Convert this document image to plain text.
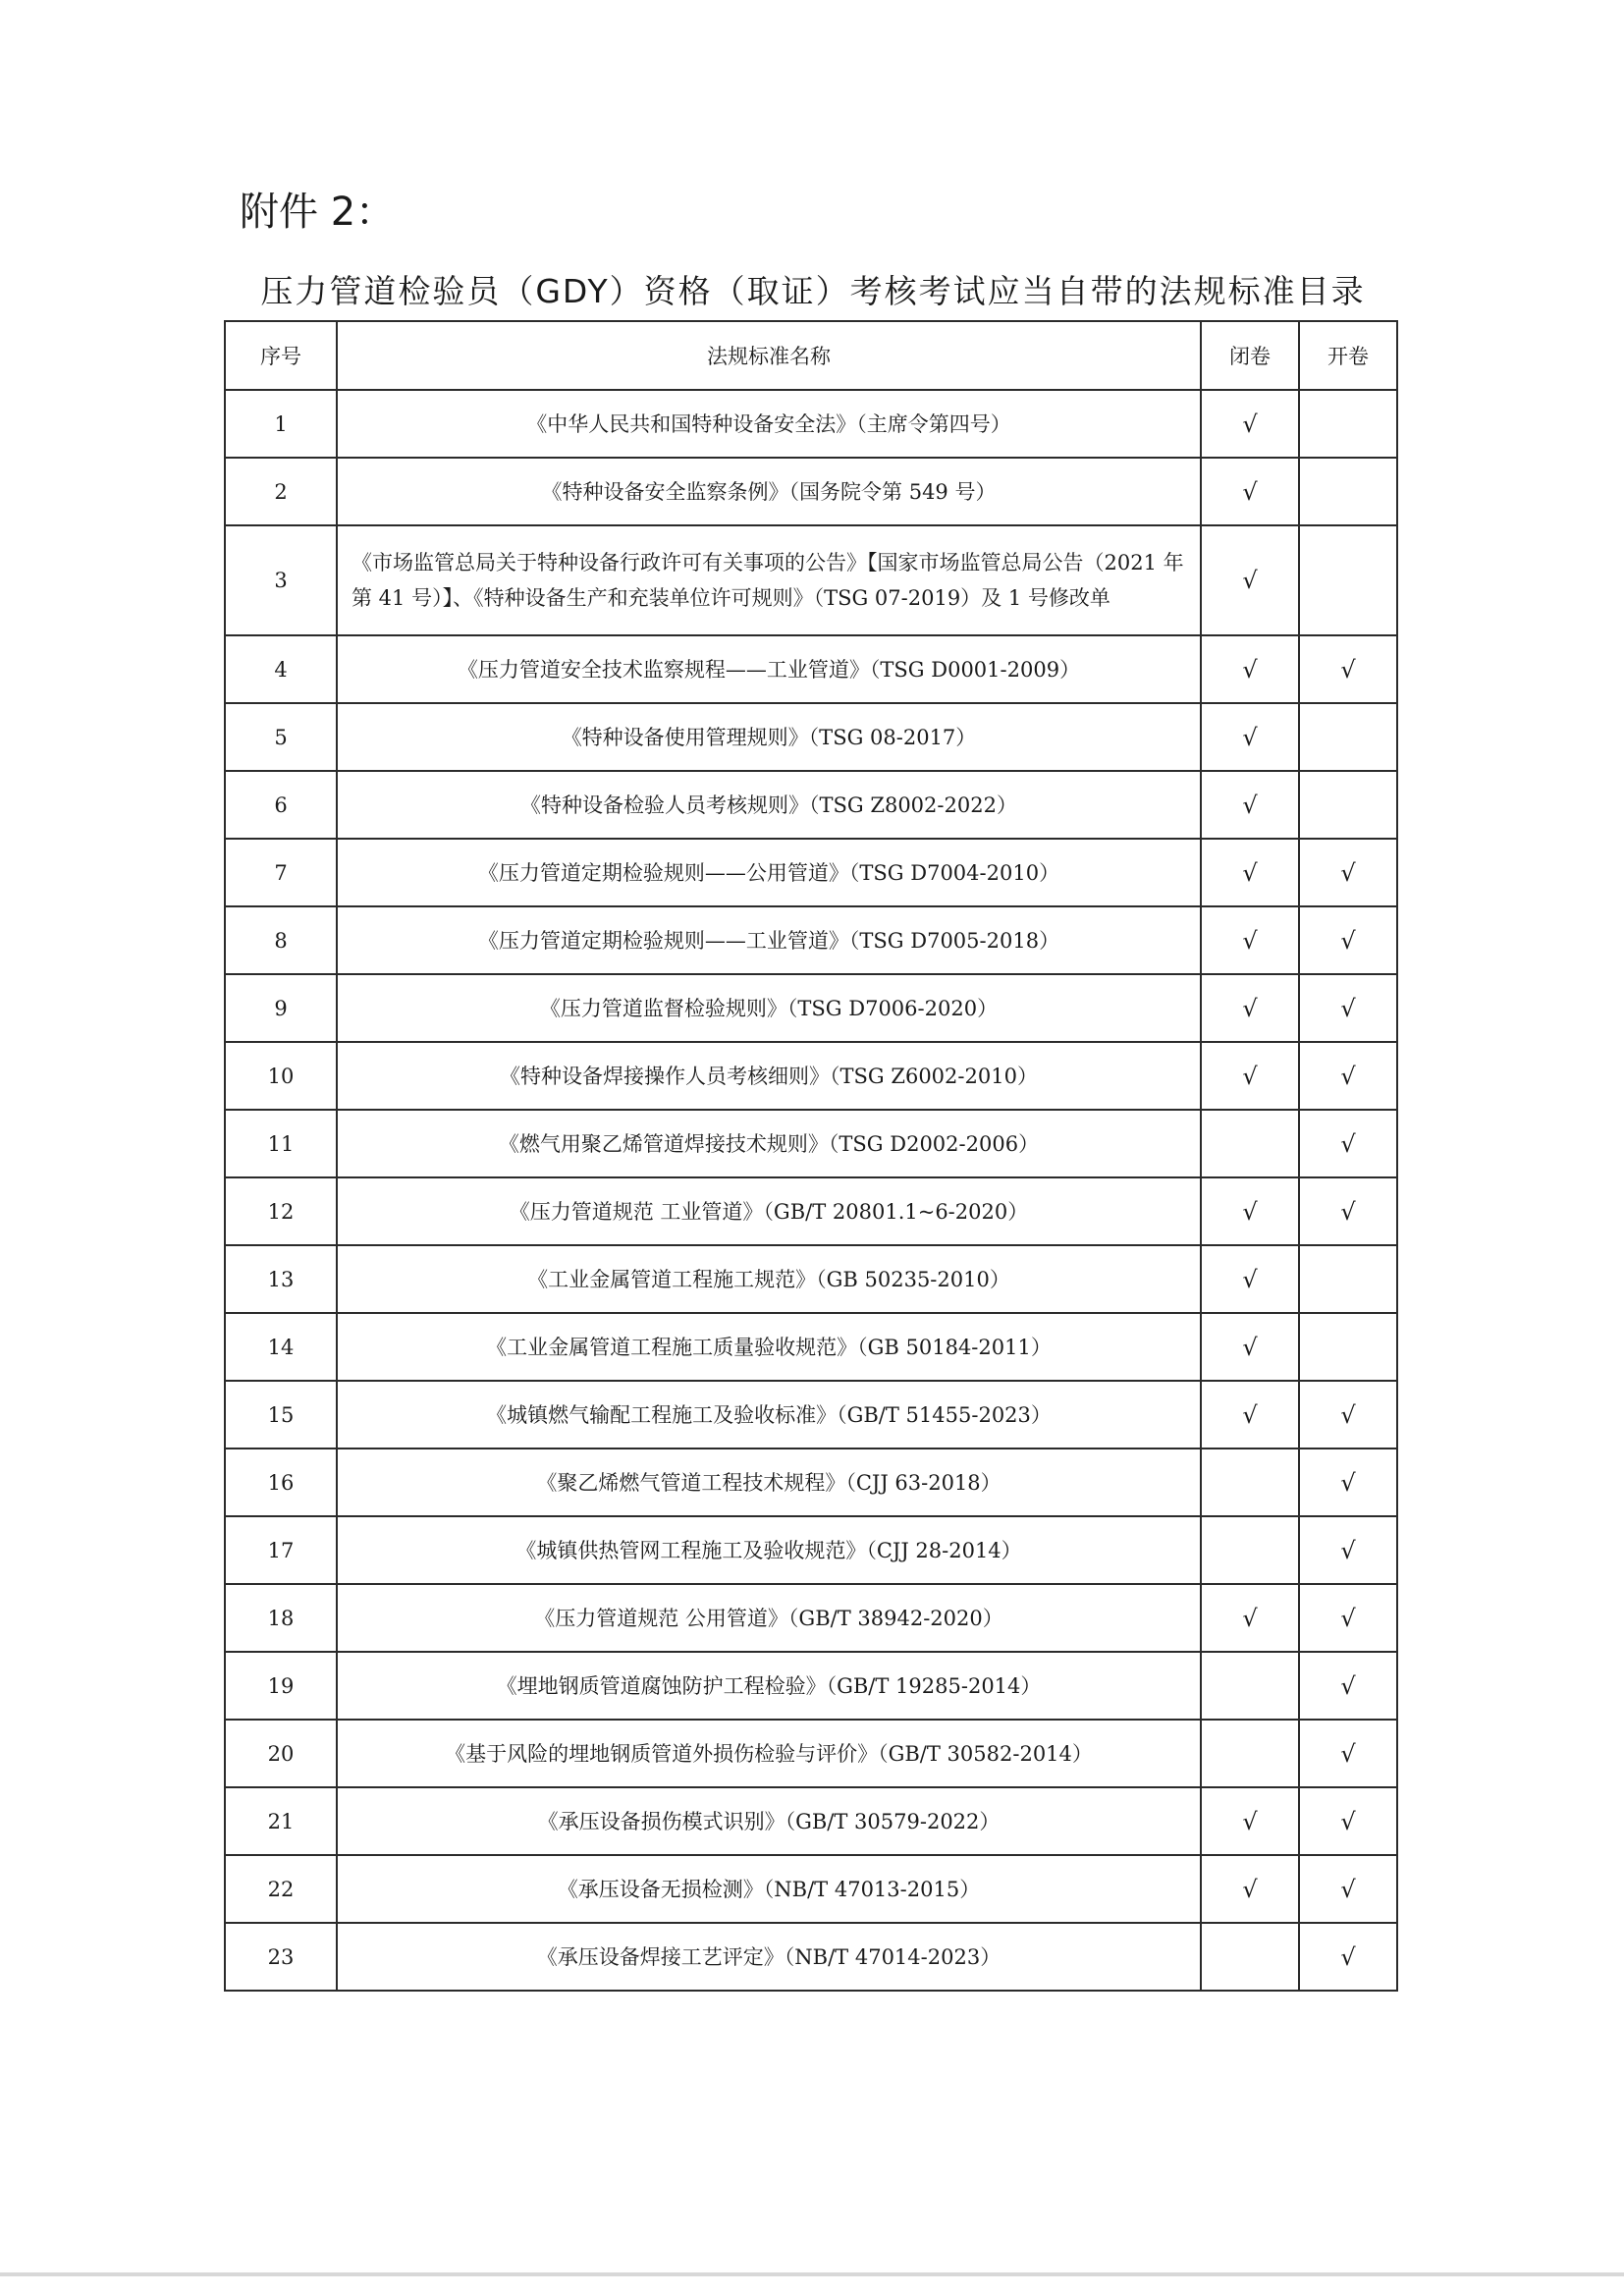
附件 2：
压力管道检验员（GDY）资格（取证）考核考试应当自带的法规标准目录
序号	法规标准名称	闭卷	开卷
1	《中华人民共和国特种设备安全法》（主席令第四号）	√	
2	《特种设备安全监察条例》（国务院令第 549 号）	√	
3	《市场监管总局关于特种设备行政许可有关事项的公告》【国家市场监管总局公告（2021 年第 41 号）】、《特种设备生产和充装单位许可规则》（TSG 07-2019）及 1 号修改单	√	
4	《压力管道安全技术监察规程——工业管道》（TSG D0001-2009）	√	√
5	《特种设备使用管理规则》（TSG 08-2017）	√	
6	《特种设备检验人员考核规则》（TSG Z8002-2022）	√	
7	《压力管道定期检验规则——公用管道》（TSG D7004-2010）	√	√
8	《压力管道定期检验规则——工业管道》（TSG D7005-2018）	√	√
9	《压力管道监督检验规则》（TSG D7006-2020）	√	√
10	《特种设备焊接操作人员考核细则》（TSG Z6002-2010）	√	√
11	《燃气用聚乙烯管道焊接技术规则》（TSG D2002-2006）		√
12	《压力管道规范 工业管道》（GB/T 20801.1~6-2020）	√	√
13	《工业金属管道工程施工规范》（GB 50235-2010）	√	
14	《工业金属管道工程施工质量验收规范》（GB 50184-2011）	√	
15	《城镇燃气输配工程施工及验收标准》（GB/T 51455-2023）	√	√
16	《聚乙烯燃气管道工程技术规程》（CJJ 63-2018）		√
17	《城镇供热管网工程施工及验收规范》（CJJ 28-2014）		√
18	《压力管道规范 公用管道》（GB/T 38942-2020）	√	√
19	《埋地钢质管道腐蚀防护工程检验》（GB/T 19285-2014）		√
20	《基于风险的埋地钢质管道外损伤检验与评价》（GB/T 30582-2014）		√
21	《承压设备损伤模式识别》（GB/T 30579-2022）	√	√
22	《承压设备无损检测》（NB/T 47013-2015）	√	√
23	《承压设备焊接工艺评定》（NB/T 47014-2023）		√
